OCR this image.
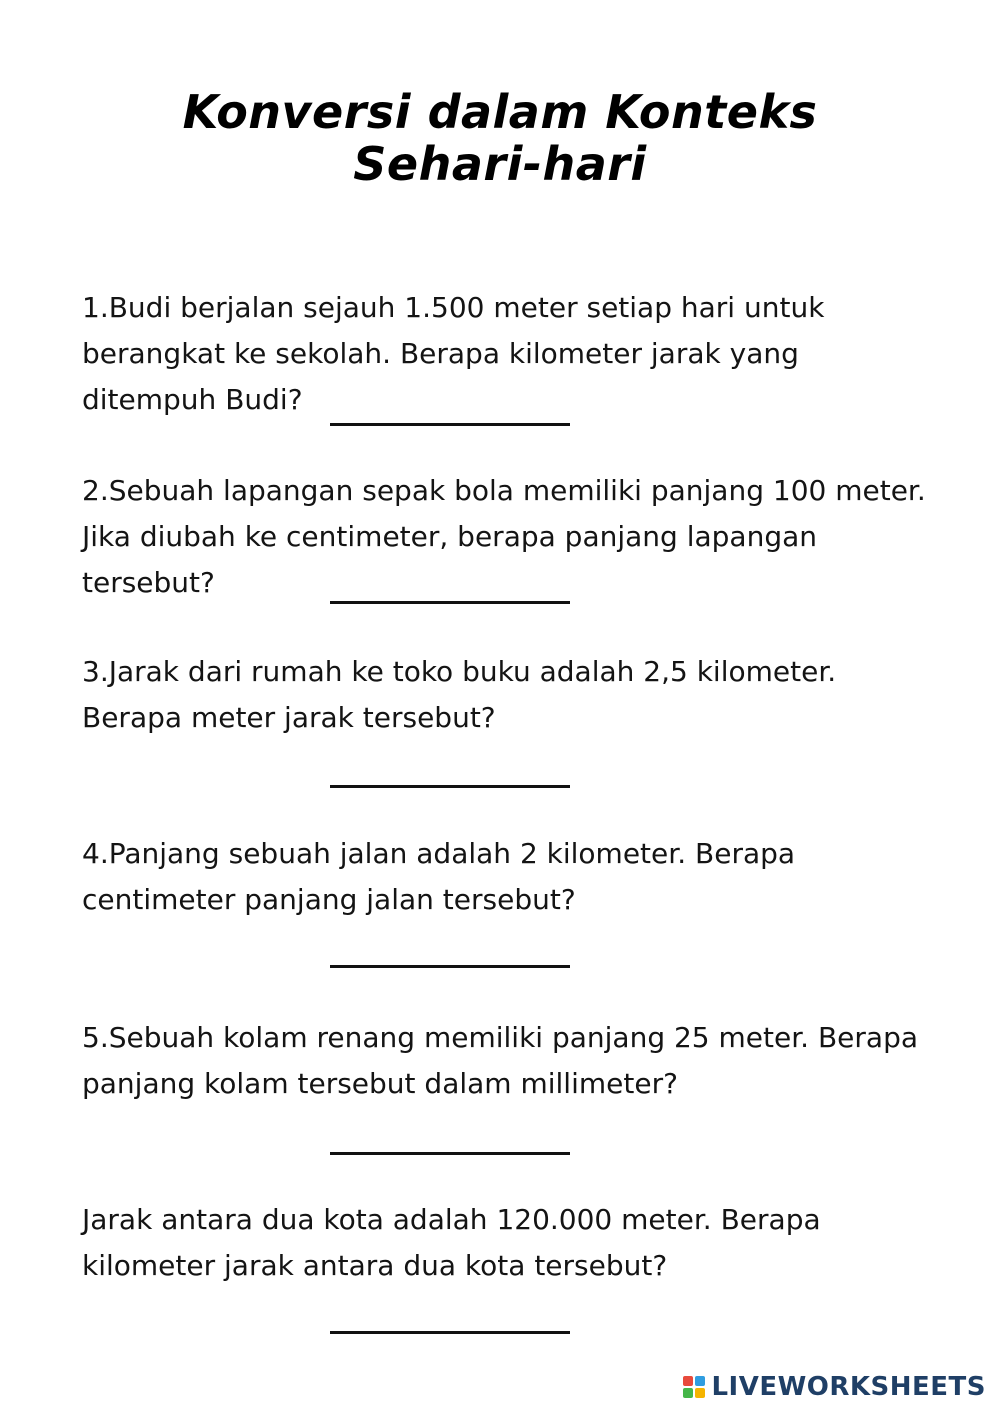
Konversi dalam Konteks
Sehari-hari
1.Budi berjalan sejauh 1.500 meter setiap hari untuk
berangkat ke sekolah. Berapa kilometer jarak yang
ditempuh Budi?
2.Sebuah lapangan sepak bola memiliki panjang 100 meter.
Jika diubah ke centimeter, berapa panjang lapangan
tersebut?
3.Jarak dari rumah ke toko buku adalah 2,5 kilometer.
Berapa meter jarak tersebut?
4.Panjang sebuah jalan adalah 2 kilometer. Berapa
centimeter panjang jalan tersebut?
5.Sebuah kolam renang memiliki panjang 25 meter. Berapa
panjang kolam tersebut dalam millimeter?
Jarak antara dua kota adalah 120.000 meter. Berapa
kilometer jarak antara dua kota tersebut?
LIVEWORKSHEETS
